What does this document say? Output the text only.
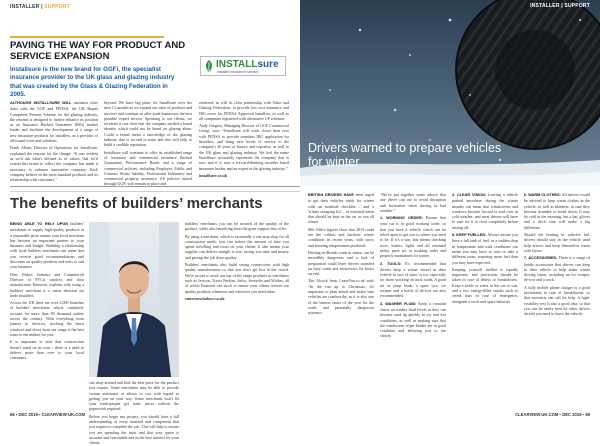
INSTALLER | SUPPORT
PAVING THE WAY FOR PRODUCT AND SERVICE EXPANSION

Installsure is the new brand for GGFi, the specialist insurance provider to the UK glass and glazing industry that was created by the Glass & Glazing Federation in 2005.

INSTALLsure
installer insurance service

ALTHOUGH INSTALLSURE WILL maintain close links with the GGF and FENSA, the UK Repair Competent Persons Scheme for the glazing industry, the rebrand is designed to further enhance its position as an Insurance Backed Guarantee (IBG) market leader and facilitate the development of a range of new insurance products for installers, as a provider of all-round cover and solutions.

Frank Allain, Director of Operations for Installsure, explained the reasons for the change: “It was evident as we'd ask what's defined as of values, that we'd extend this brand to reflect the company has made it necessary to enhance innovative company. Each company believe in the most standard products and its relationship with customers.”

beyond. We have big plans for Installsure over the next 12 months as we expand our suite of products and services and continue to offer trade businesses the best possible expert service. Speaking to our clients, we received it was clear that the company needed a brand identity which could not be based on glazing alone. Could a brand mean a knowledge of the glazing industry that is second to none and this will help to build a credible reputation.

Installsure will continue to offer its established range of insurance and commercial insurance Backed Guarantees, Performance Bonds and a range of commercial policies, including Employer, Public and Contract Works liability, Professional Indemnity and commercial property insurance. All policies issued through GGFi will remain in place and

rendered, as will its close partnership with Glass and Glazing Federation, to provide low cost insurance and IBG cover for FENSA Approved Installers, as well as all companies registered with alternative CP schemes.

Andy Gregory, Managing Director of GGF Commercial Group, says: “Installsure will work closer than ever with FENSA to provide seamless IBG application for installers, and bring new levels of service to the company's 20 years of history and expertise, as well as the UK glass and glazing industry. We feel the name Installsure accurately represents the company that is now and it is now a forward-thinking installer based insurance broker and an expert in the glazing industry.”

installsure.co.uk

The benefits of builders’ merchants

BEING ABLE TO RELY UPON builders' merchants to supply high-quality products at a reasonable price means your local merchant has become an important partner to your business and budget. Building a relationship with local builders merchants can mean that you receive good recommendations and discounts on quality products and tools to suit your business.

Huw Nisbet, Industry and Commercial Director of PVCu window and door manufacturer Emerson, explains why using a builders' merchant is a smart decision for trade installers.

Across the UK there are over 2,000 branches of builders' merchants, which, combined, account for more than 99 thousand outlets across the country. With everything from joinery to electrics, stocking the latest windows and doors from our range is the best route to the market for you.

It is important to note that construction doesn't stand on its own – there is a need to deliver more than ever to your local customers.

can shop around and find the best price for the product you require. Some merchants may be able to provide certain assistance or advice to you with regard to getting you on your way. Some merchants won't let your tradespeople get trade prices without the paperwork required.

Before you begin any project, you should have a full understanding of every material and component that you require to complete the job. This will help to ensure you are spending the most and that your quote is accurate and reasonable and in the best interest for your clients.

builders' merchants you can be assured of the quality of the product, while also benefiting from the great support they offer.

By using a merchant, which is essentially a one-stop shop for all construction needs, you can reduce the amount of time you spend travelling and focus on your clients. It also means your supplier can deliver straight to site, saving you time and money and getting the job done quicker.

Builders' merchants also build strong connections with high quality manufacturers so that you don't get lost in the crowd. We're proud to stock our top of the range products in merchants such as Jewson, Travis Perkins, Selco, Screwfix and Wickes, all of which Emerson can stock to ensure your clients receive our quality products whenever and wherever you need them.

emersonwindows.co.uk

68 ▪ DEC 2019 ▪ CLEARVIEW-UK.COM
INSTALLER | SUPPORT
Drivers warned to prepare vehicles for winter

BRITISH DRIVERS HAVE been urged to get their vehicles ready for winter with an essential checklist – and a 'winter shopping list' – of essential items that should be kept in the car or van all winter.

Met Office figures show that 2019 could see the coldest and harshest winter conditions in recent years, with snow and freezing temperatures predicted.

Driving on British roads in winter can be incredibly dangerous and a lack of preparation could leave drivers stranded on busy roads and motorways for hours on end.

Tim Alcock from LeaseVan.co.uk said: “In the run up to Christmas, it's important to plan ahead and make sure vehicles are roadworthy, as it is also one of the busiest times of the year for the roads and personally dangerous journeys.

“We've put together some advice that any driver can use to avoid disruption and frustration when driving in bad weather.”

1. WORKING ORDER: Ensure that your car is in good working order, so that you have a vehicle which can be relied upon to get you to where you need to be. If it's a van, this means checking tyres, brakes, lights and all essential safety parts are in working order and properly maintained for winter.

2. TOOLS: It's recommended that drivers keep a winter shovel in their vehicle in case of snow or ice, especially for those working on rural roads. A good set of jump leads, a spare tyre, ice scraper and a bottle of de-icer are also recommended.

3. WASHER FLUID: Keep a constant check on washer fluid levels as they can become used up quickly in icy and wet conditions, as well as making sure that the windscreen wiper blades are in good condition and allowing you to see clearly.

4. CLEAR VISION: Leaving a vehicle parked anywhere during the winter months can mean that windscreens and windows become frosted or iced over in cold weather, and most drivers will have to wait for it to clear completely before setting off.

5. KEEP FUELLED: Always ensure you have a full tank of fuel, as a sudden drop in temperature and road conditions can mean you may have to wait or take a different route, requiring more fuel than you may have expected.

Keeping yourself fuelled is equally important, and provisions should be taken in case of delays or breakdowns. Keep a bottle of water in the car or van, and a few energy-filled snacks such as cereal bars in case of emergency, alongside a torch and spare batteries.

6. WARM CLOTHES: All drivers would be advised to keep warm clothes in the vehicle, as well as blankets, in case they become stranded or break down. It may be cold in the morning, but a hat, gloves and a thick coat will make a big difference.

Should the heating in vehicles fail, drivers should stay in the vehicle until help arrives and keep themselves warm with layers.

7. ACCESSORIES: There is a range of handy accessories that drivers can keep in their vehicle to help make winter driving easier, including an ice scraper, de-icer and a torch.

A fully mobile phone charger is a good investment in case of breakdowns, so that motorists can call for help. A high-visibility vest is also a good idea, so that you can be easily seen by other drivers should you need to leave the vehicle.

CLEARVIEW-UK.COM ▪ DEC 2019 ▪ 69
